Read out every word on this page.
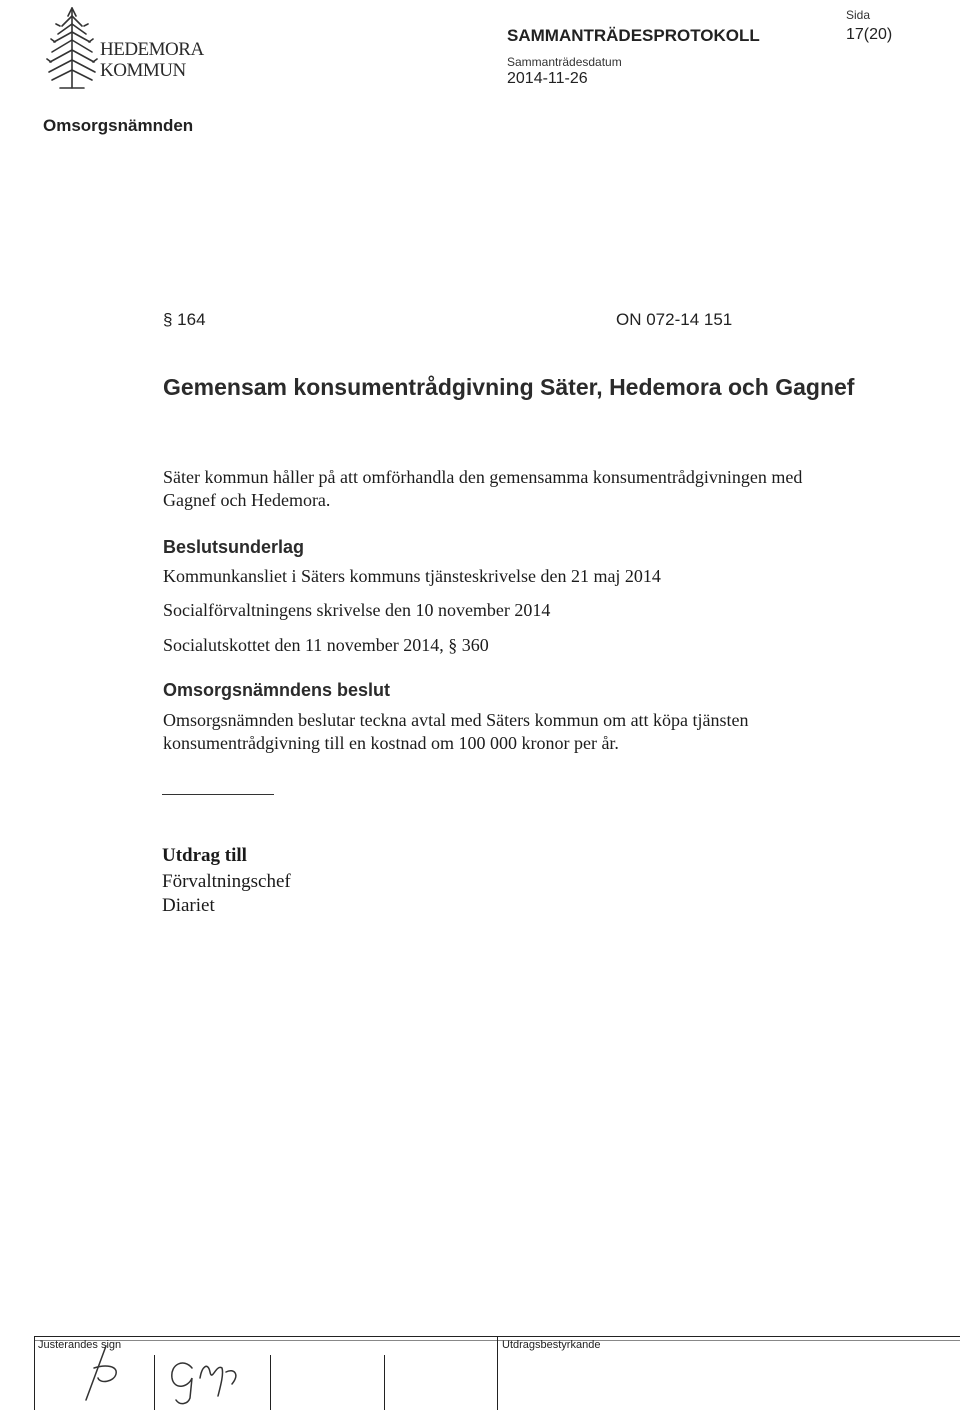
HEDEMORA
KOMMUN
SAMMANTRÄDESPROTOKOLL
Sammanträdesdatum
2014-11-26
Sida
17(20)
Omsorgsnämnden
§ 164	ON 072-14 151
Gemensam konsumentrådgivning Säter, Hedemora och Gagnef
Säter kommun håller på att omförhandla den gemensamma konsumentrådgivningen med Gagnef och Hedemora.
Beslutsunderlag
Kommunkansliet i Säters kommuns tjänsteskrivelse den 21 maj 2014
Socialförvaltningens skrivelse den 10 november 2014
Socialutskottet den 11 november 2014, § 360
Omsorgsnämndens beslut
Omsorgsnämnden beslutar teckna avtal med Säters kommun om att köpa tjänsten konsumentrådgivning till en kostnad om 100 000 kronor per år.
Utdrag till
Förvaltningschef
Diariet
Justerandes sign	Utdragsbestyrkande
